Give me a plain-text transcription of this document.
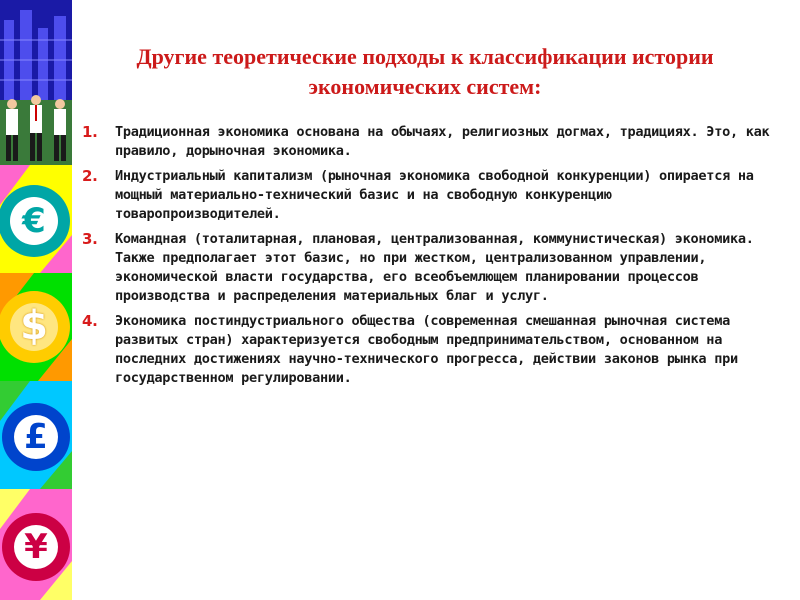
€
$
£
¥
Другие теоретические подходы к классификации истории экономических систем:
1. Традиционная экономика основана на обычаях, религиозных догмах, традициях. Это, как правило, дорыночная экономика.
2. Индустриальный капитализм (рыночная экономика свободной конкуренции) опирается на мощный материально-технический базис и на свободную конкуренцию товаропроизводителей.
3. Командная (тоталитарная, плановая, централизованная, коммунистическая) экономика. Также предполагает этот базис, но при жестком, централизованном управлении, экономической власти государства, его всеобъемлющем планировании процессов производства и распределения материальных благ и услуг.
4. Экономика постиндустриального общества (современная смешанная рыночная система развитых стран) характеризуется свободным предпринимательством, основанном на последних достижениях научно-технического прогресса, действии законов рынка при государственном регулировании.
